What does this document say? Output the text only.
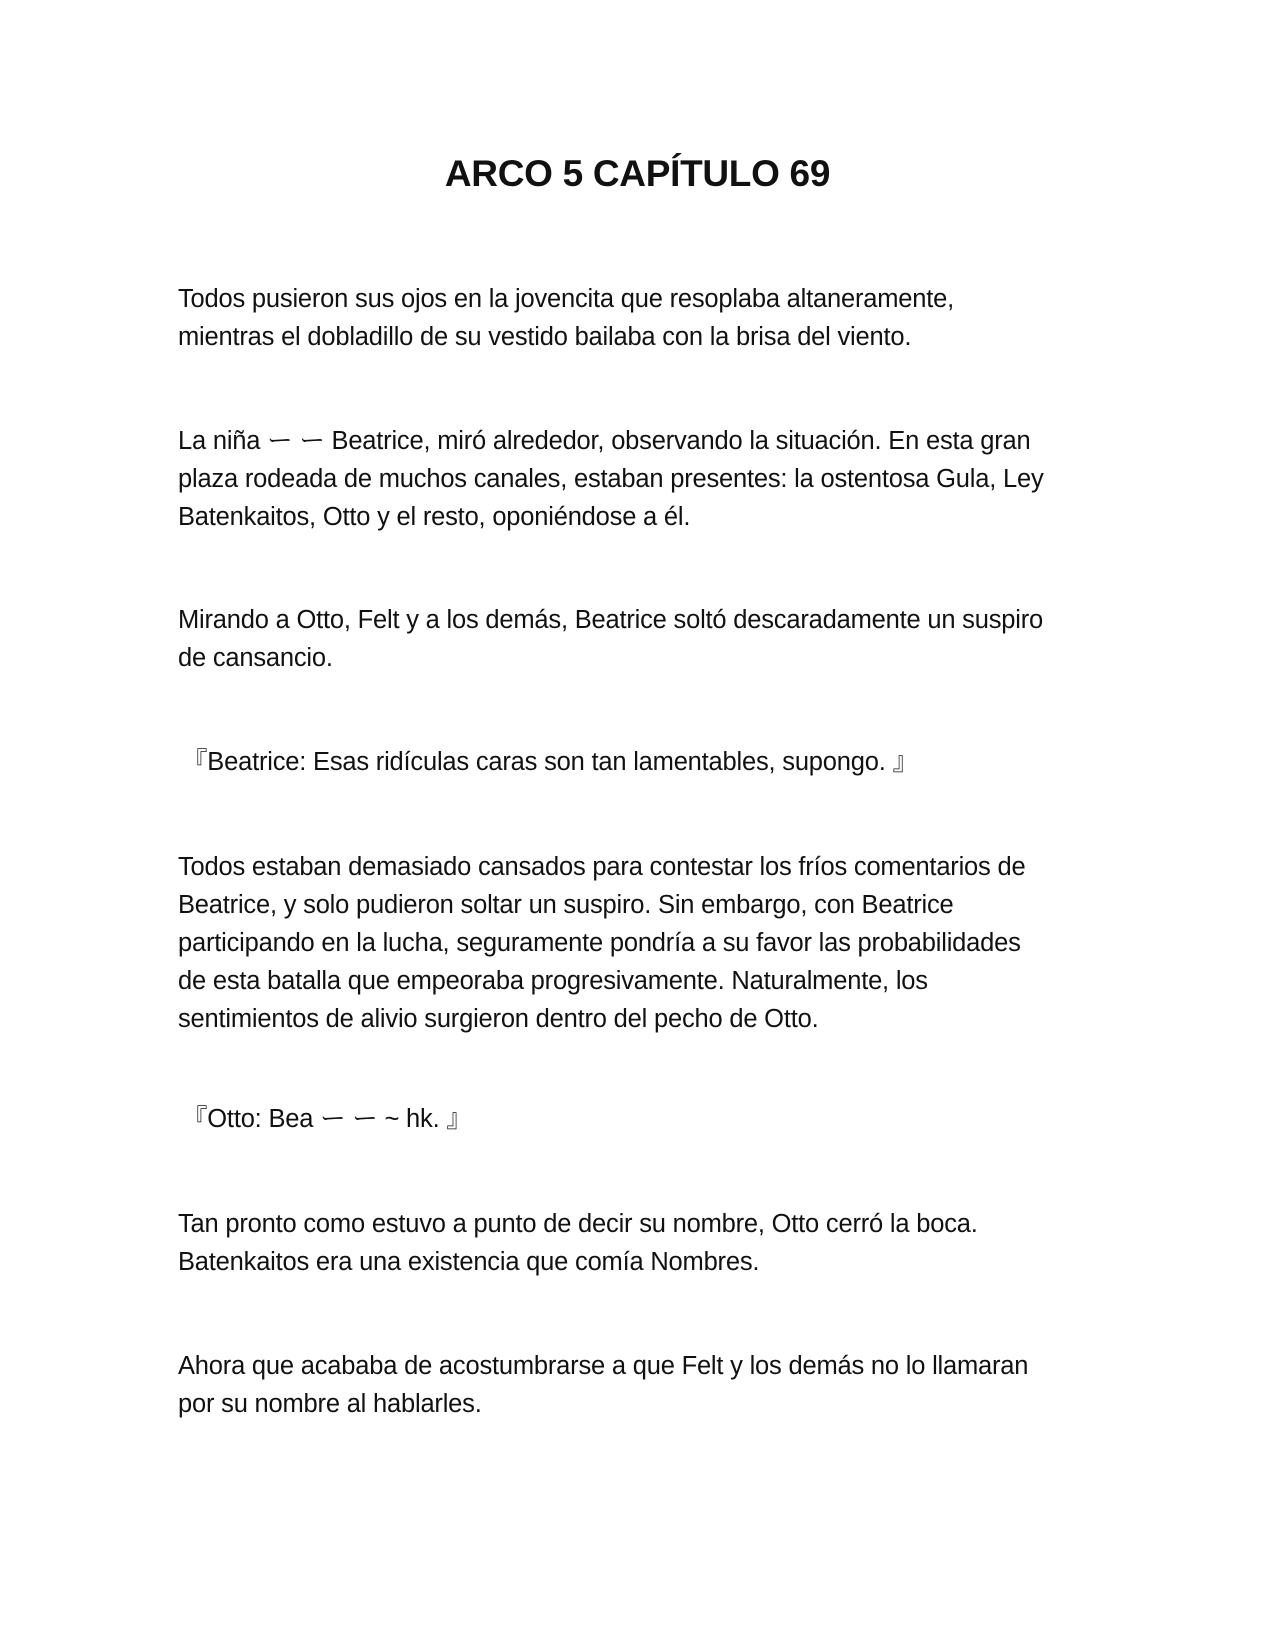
ARCO 5 CAPÍTULO 69

Todos pusieron sus ojos en la jovencita que resoplaba altaneramente,
mientras el dobladillo de su vestido bailaba con la brisa del viento.

La niña ー ー Beatrice, miró alrededor, observando la situación. En esta gran
plaza rodeada de muchos canales, estaban presentes: la ostentosa Gula, Ley
Batenkaitos, Otto y el resto, oponiéndose a él.

Mirando a Otto, Felt y a los demás, Beatrice soltó descaradamente un suspiro
de cansancio.

『Beatrice: Esas ridículas caras son tan lamentables, supongo. 』

Todos estaban demasiado cansados para contestar los fríos comentarios de
Beatrice, y solo pudieron soltar un suspiro. Sin embargo, con Beatrice
participando en la lucha, seguramente pondría a su favor las probabilidades
de esta batalla que empeoraba progresivamente. Naturalmente, los
sentimientos de alivio surgieron dentro del pecho de Otto.

『Otto: Bea ー ー ~ hk. 』

Tan pronto como estuvo a punto de decir su nombre, Otto cerró la boca.
Batenkaitos era una existencia que comía Nombres.

Ahora que acababa de acostumbrarse a que Felt y los demás no lo llamaran
por su nombre al hablarles.
